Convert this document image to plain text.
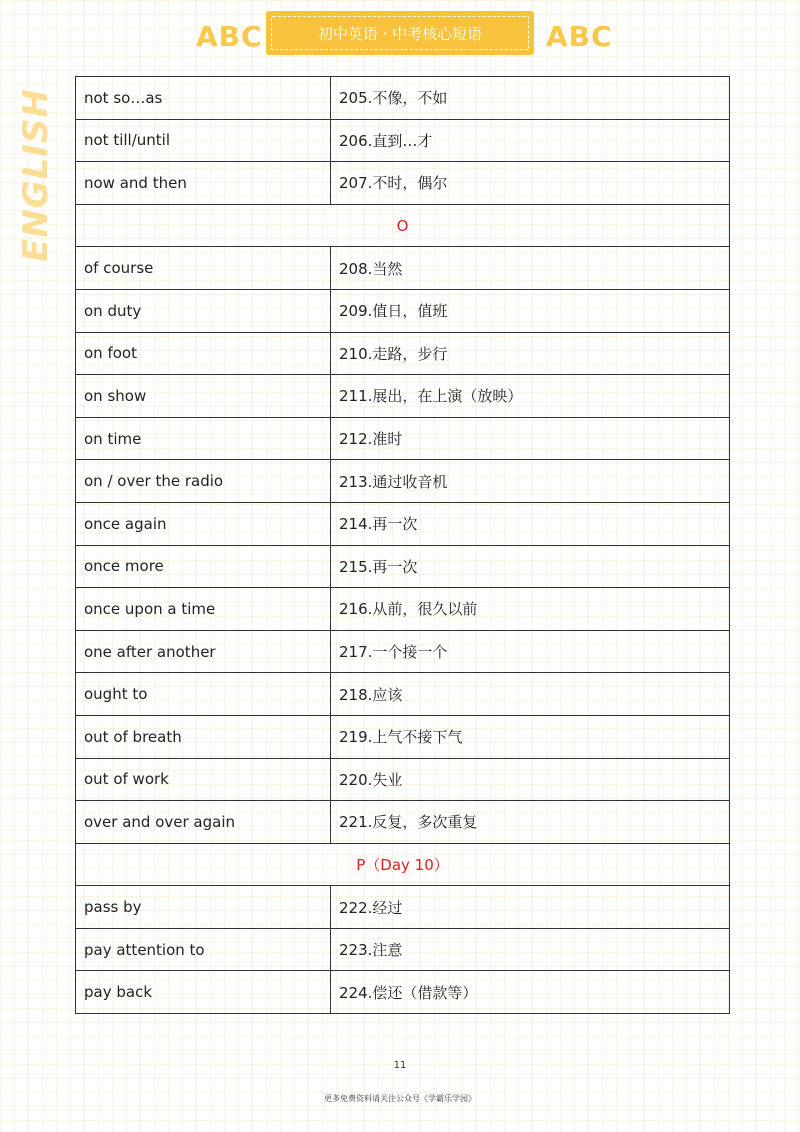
ABC	初中英语 · 中考核心短语	ABC
ENGLISH not so…as	205.不像，不如
not till/until	206.直到…才
now and then	207.不时，偶尔
O	
of course	208.当然
on duty	209.值日，值班
on foot	210.走路，步行
on show	211.展出，在上演（放映）
on time	212.准时
on / over the radio	213.通过收音机
once again	214.再一次
once more	215.再一次
once upon a time	216.从前，很久以前
one after another	217.一个接一个
ought to	218.应该
out of breath	219.上气不接下气
out of work	220.失业
over and over again	221.反复，多次重复
P（Day 10）	
pass by	222.经过
pay attention to	223.注意
pay back	224.偿还（借款等）
11
更多免费资料请关注公众号《学霸乐学园》
